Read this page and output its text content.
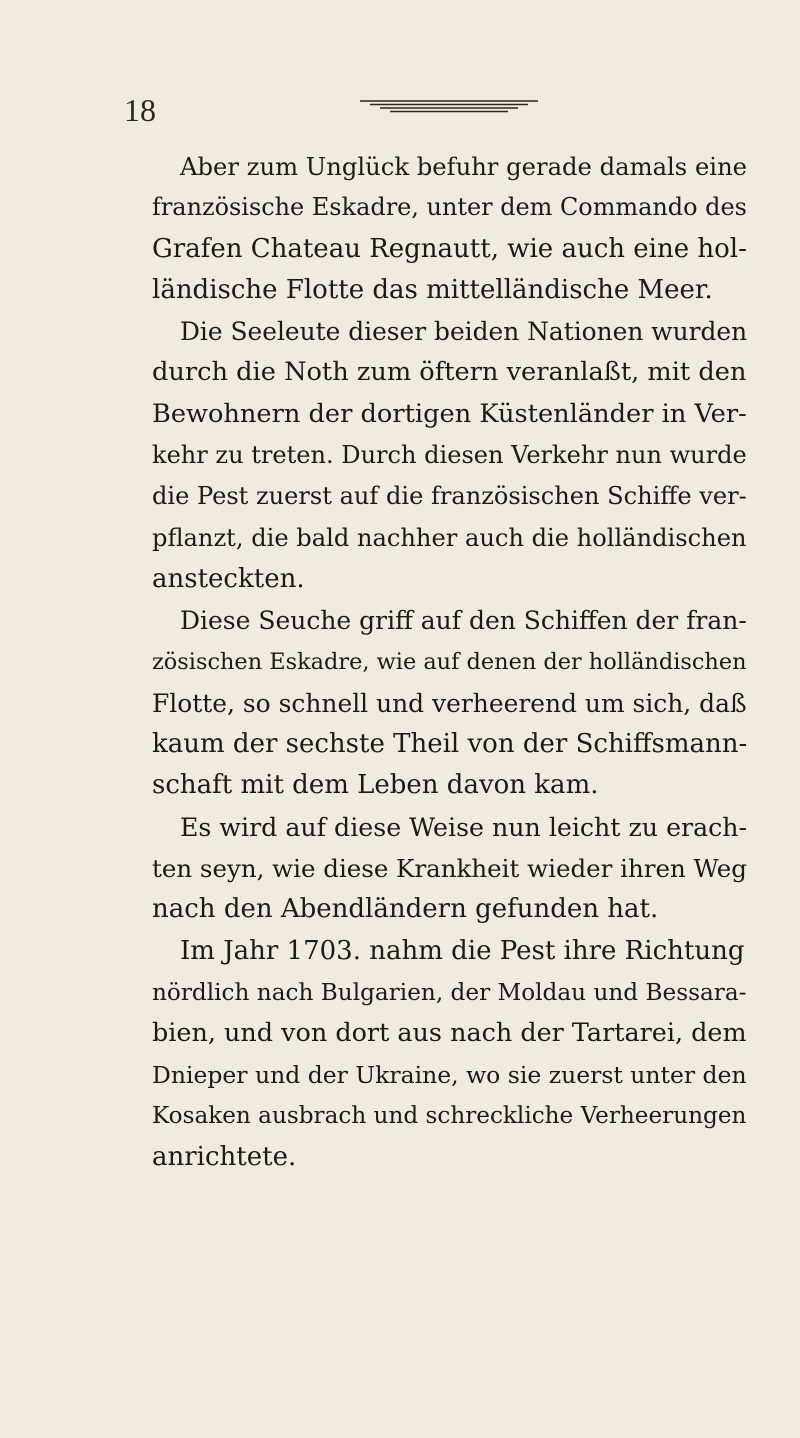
18
Aber zum Unglück befuhr gerade damals eine
französische Eskadre, unter dem Commando des
Grafen Chateau Regnautt, wie auch eine hol-
ländische Flotte das mittelländische Meer.
Die Seeleute dieser beiden Nationen wurden
durch die Noth zum öftern veranlaßt, mit den
Bewohnern der dortigen Küstenländer in Ver-
kehr zu treten. Durch diesen Verkehr nun wurde
die Pest zuerst auf die französischen Schiffe ver-
pflanzt, die bald nachher auch die holländischen
ansteckten.
Diese Seuche griff auf den Schiffen der fran-
zösischen Eskadre, wie auf denen der holländischen
Flotte, so schnell und verheerend um sich, daß
kaum der sechste Theil von der Schiffsmann-
schaft mit dem Leben davon kam.
Es wird auf diese Weise nun leicht zu erach-
ten seyn, wie diese Krankheit wieder ihren Weg
nach den Abendländern gefunden hat.
Im Jahr 1703. nahm die Pest ihre Richtung
nördlich nach Bulgarien, der Moldau und Bessara-
bien, und von dort aus nach der Tartarei, dem
Dnieper und der Ukraine, wo sie zuerst unter den
Kosaken ausbrach und schreckliche Verheerungen
anrichtete.
